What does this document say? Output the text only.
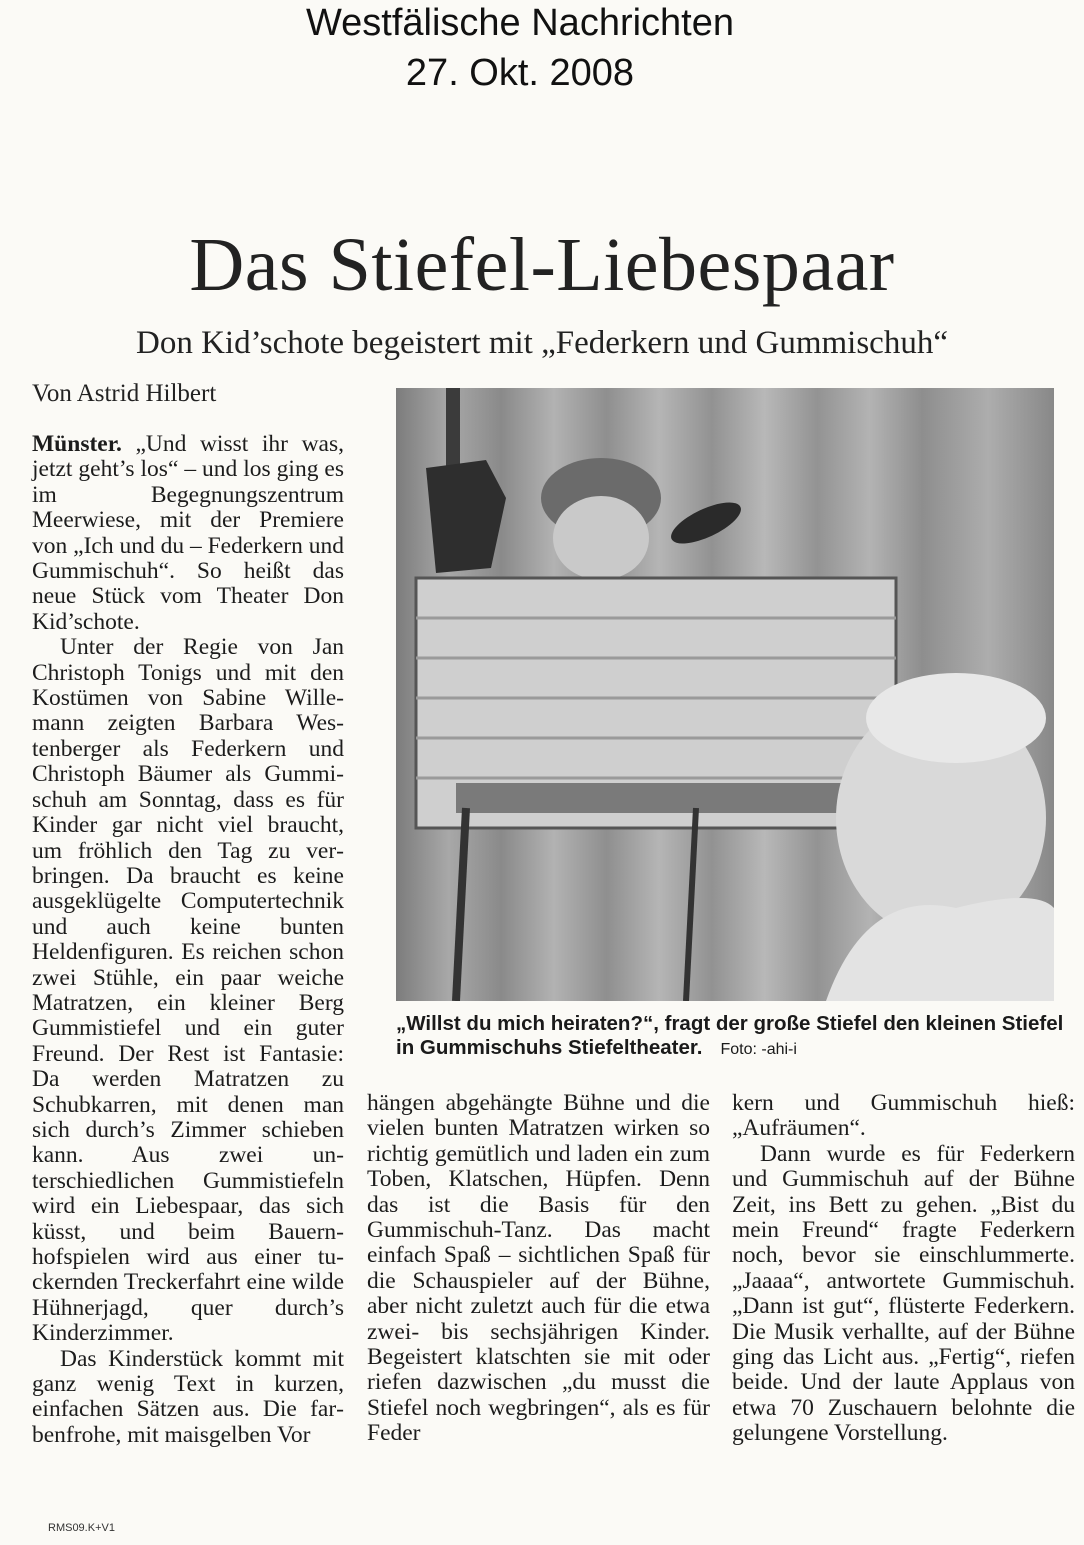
Westfälische Nachrichten
27. Okt. 2008
Das Stiefel-Liebespaar
Don Kid’schote begeistert mit „Federkern und Gummischuh“
Von Astrid Hilbert

Münster. „Und wisst ihr was, jetzt geht’s los“ – und los ging es im Begegnungszentrum Meerwiese, mit der Premiere von „Ich und du – Federkern und Gummischuh“. So heißt das neue Stück vom Theater Don Kid’schote.

Unter der Regie von Jan Christoph Tonigs und mit den Kostümen von Sabine Willemann zeigten Barbara Westenberger als Federkern und Christoph Bäumer als Gummischuh am Sonntag, dass es für Kinder gar nicht viel braucht, um fröhlich den Tag zu verbringen. Da braucht es keine ausgeklügelte Computertechnik und auch keine bunten Heldenfiguren. Es reichen schon zwei Stühle, ein paar weiche Matratzen, ein kleiner Berg Gummistiefel und ein guter Freund. Der Rest ist Fantasie: Da werden Matratzen zu Schubkarren, mit denen man sich durch’s Zimmer schieben kann. Aus zwei unterschiedlichen Gummistiefeln wird ein Liebespaar, das sich küsst, und beim Bauernhofspielen wird aus einer tuckernden Treckerfahrt eine wilde Hühnerjagd, quer durch’s Kinderzimmer.

Das Kinderstück kommt mit ganz wenig Text in kurzen, einfachen Sätzen aus. Die farbenfrohe, mit maisgelben Vor

„Willst du mich heiraten?“, fragt der große Stiefel den kleinen Stiefel in Gummischuhs Stiefeltheater. Foto: -ahi-i

hängen abgehängte Bühne und die vielen bunten Matratzen wirken so richtig gemütlich und laden ein zum Toben, Klatschen, Hüpfen. Denn das ist die Basis für den Gummischuh-Tanz. Das macht einfach Spaß – sichtlichen Spaß für die Schauspieler auf der Bühne, aber nicht zuletzt auch für die etwa zwei- bis sechsjährigen Kinder. Begeistert klatschten sie mit oder riefen dazwischen „du musst die Stiefel noch wegbringen“, als es für Feder

kern und Gummischuh hieß: „Aufräumen“.

Dann wurde es für Federkern und Gummischuh auf der Bühne Zeit, ins Bett zu gehen. „Bist du mein Freund“ fragte Federkern noch, bevor sie einschlummerte. „Jaaaa“, antwortete Gummischuh. „Dann ist gut“, flüsterte Federkern. Die Musik verhallte, auf der Bühne ging das Licht aus. „Fertig“, riefen beide. Und der laute Applaus von etwa 70 Zuschauern belohnte die gelungene Vorstellung.

RMS09.K+V1
